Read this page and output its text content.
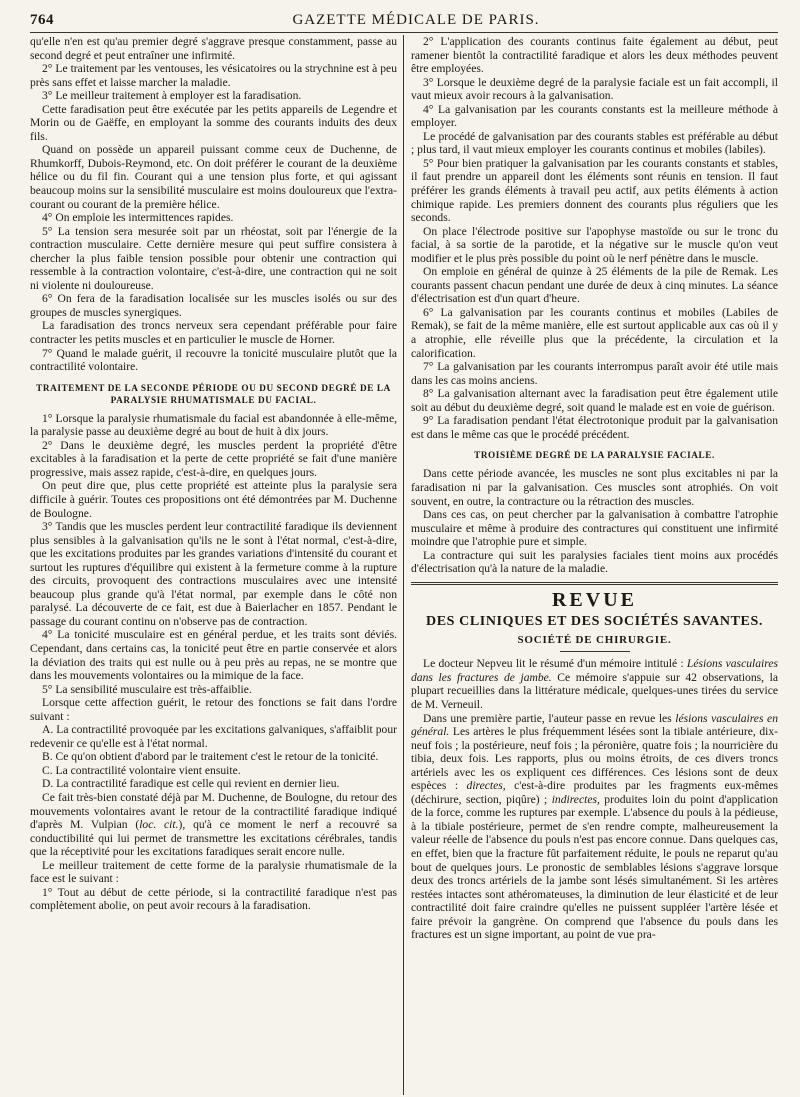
764	GAZETTE MÉDICALE DE PARIS.

qu'elle n'en est qu'au premier degré s'aggrave presque constamment, passe au second degré et peut entraîner une infirmité.

2° Le traitement par les ventouses, les vésicatoires ou la strychnine est à peu près sans effet et laisse marcher la maladie.

3° Le meilleur traitement à employer est la faradisation.

Cette faradisation peut être exécutée par les petits appareils de Legendre et Morin ou de Gaëffe, en employant la somme des courants induits des deux fils.

Quand on possède un appareil puissant comme ceux de Duchenne, de Rhumkorff, Dubois-Reymond, etc. On doit préférer le courant de la deuxième hélice ou du fil fin. Courant qui a une tension plus forte, et qui agissant beaucoup moins sur la sensibilité musculaire est moins douloureux que l'extra-courant ou courant de la première hélice.

4° On emploie les intermittences rapides.

5° La tension sera mesurée soit par un rhéostat, soit par l'énergie de la contraction musculaire. Cette dernière mesure qui peut suffire consistera à chercher la plus faible tension possible pour obtenir une contraction qui ressemble à la contraction volontaire, c'est-à-dire, une contraction qui ne soit ni violente ni douloureuse.

6° On fera de la faradisation localisée sur les muscles isolés ou sur des groupes de muscles synergiques.

La faradisation des troncs nerveux sera cependant préférable pour faire contracter les petits muscles et en particulier le muscle de Horner.

7° Quand le malade guérit, il recouvre la tonicité musculaire plutôt que la contractilité volontaire.

TRAITEMENT DE LA SECONDE PÉRIODE OU DU SECOND DEGRÉ DE LA PARALYSIE RHUMATISMALE DU FACIAL.

1° Lorsque la paralysie rhumatismale du facial est abandonnée à elle-même, la paralysie passe au deuxième degré au bout de huit à dix jours.

2° Dans le deuxième degré, les muscles perdent la propriété d'être excitables à la faradisation et la perte de cette propriété se fait d'une manière progressive, mais assez rapide, c'est-à-dire, en quelques jours.

On peut dire que, plus cette propriété est atteinte plus la paralysie sera difficile à guérir. Toutes ces propositions ont été démontrées par M. Duchenne de Boulogne.

3° Tandis que les muscles perdent leur contractilité faradique ils deviennent plus sensibles à la galvanisation qu'ils ne le sont à l'état normal, c'est-à-dire, que les excitations produites par les grandes variations d'intensité du courant et surtout les ruptures d'équilibre qui existent à la fermeture comme à la rupture des circuits, provoquent des contractions musculaires avec une intensité beaucoup plus grande qu'à l'état normal, par exemple dans le côté non paralysé. La découverte de ce fait, est due à Baierlacher en 1857. Pendant le passage du courant continu on n'observe pas de contraction.

4° La tonicité musculaire est en général perdue, et les traits sont déviés. Cependant, dans certains cas, la tonicité peut être en partie conservée et alors la déviation des traits qui est nulle ou à peu près au repas, ne se montre que dans les mouvements volontaires ou la mimique de la face.

5° La sensibilité musculaire est très-affaiblie.

Lorsque cette affection guérit, le retour des fonctions se fait dans l'ordre suivant :

A. La contractilité provoquée par les excitations galvaniques, s'affaiblit pour redevenir ce qu'elle est à l'état normal.

B. Ce qu'on obtient d'abord par le traitement c'est le retour de la tonicité.

C. La contractilité volontaire vient ensuite.

D. La contractilité faradique est celle qui revient en dernier lieu.

Ce fait très-bien constaté déjà par M. Duchenne, de Boulogne, du retour des mouvements volontaires avant le retour de la contractilité faradique indiqué d'après M. Vulpian (loc. cit.), qu'à ce moment le nerf a recouvré sa conductibilité qui lui permet de transmettre les excitations cérébrales, tandis que la réceptivité pour les excitations faradiques serait encore nulle.

Le meilleur traitement de cette forme de la paralysie rhumatismale de la face est le suivant :

1° Tout au début de cette période, si la contractilité faradique n'est pas complètement abolie, on peut avoir recours à la faradisation.

2° L'application des courants continus faite également au début, peut ramener bientôt la contractilité faradique et alors les deux méthodes peuvent être employées.

3° Lorsque le deuxième degré de la paralysie faciale est un fait accompli, il vaut mieux avoir recours à la galvanisation.

4° La galvanisation par les courants constants est la meilleure méthode à employer.

Le procédé de galvanisation par des courants stables est préférable au début ; plus tard, il vaut mieux employer les courants continus et mobiles (labiles).

5° Pour bien pratiquer la galvanisation par les courants constants et stables, il faut prendre un appareil dont les éléments sont réunis en tension. Il faut préférer les grands éléments à travail peu actif, aux petits éléments à action chimique rapide. Les premiers donnent des courants plus réguliers que les seconds.

On place l'électrode positive sur l'apophyse mastoïde ou sur le tronc du facial, à sa sortie de la parotide, et la négative sur le muscle qu'on veut modifier et le plus près possible du point où le nerf pénètre dans le muscle.

On emploie en général de quinze à 25 éléments de la pile de Remak. Les courants passent chacun pendant une durée de deux à cinq minutes. La séance d'électrisation est d'un quart d'heure.

6° La galvanisation par les courants continus et mobiles (Labiles de Remak), se fait de la même manière, elle est surtout applicable aux cas où il y a atrophie, elle réveille plus que la précédente, la circulation et la calorification.

7° La galvanisation par les courants interrompus paraît avoir été utile mais dans les cas moins anciens.

8° La galvanisation alternant avec la faradisation peut être également utile soit au début du deuxième degré, soit quand le malade est en voie de guérison.

9° La faradisation pendant l'état électrotonique produit par la galvanisation est dans le même cas que le procédé précédent.

TROISIÈME DEGRÉ DE LA PARALYSIE FACIALE.

Dans cette période avancée, les muscles ne sont plus excitables ni par la faradisation ni par la galvanisation. Ces muscles sont atrophiés. On voit souvent, en outre, la contracture ou la rétraction des muscles.

Dans ces cas, on peut chercher par la galvanisation à combattre l'atrophie musculaire et même à produire des contractures qui constituent une infirmité moindre que l'atrophie pure et simple.

La contracture qui suit les paralysies faciales tient moins aux procédés d'électrisation qu'à la nature de la maladie.

REVUE
DES CLINIQUES ET DES SOCIÉTÉS SAVANTES.
SOCIÉTÉ DE CHIRURGIE.

Le docteur Nepveu lit le résumé d'un mémoire intitulé : Lésions vasculaires dans les fractures de jambe. Ce mémoire s'appuie sur 42 observations, la plupart recueillies dans la littérature médicale, quelques-unes tirées du service de M. Verneuil.

Dans une première partie, l'auteur passe en revue les lésions vasculaires en général. Les artères le plus fréquemment lésées sont la tibiale antérieure, dix-neuf fois ; la postérieure, neuf fois ; la péronière, quatre fois ; la nourricière du tibia, deux fois. Les rapports, plus ou moins étroits, de ces divers troncs artériels avec les os expliquent ces différences. Ces lésions sont de deux espèces : directes, c'est-à-dire produites par les fragments eux-mêmes (déchirure, section, piqûre) ; indirectes, produites loin du point d'application de la force, comme les ruptures par exemple. L'absence du pouls à la pédieuse, à la tibiale postérieure, permet de s'en rendre compte, malheureusement la valeur réelle de l'absence du pouls n'est pas encore connue. Dans quelques cas, en effet, bien que la fracture fût parfaitement réduite, le pouls ne reparut qu'au bout de quelques jours. Le pronostic de semblables lésions s'aggrave lorsque deux des troncs artériels de la jambe sont lésés simultanément. Si les artères restées intactes sont athéromateuses, la diminution de leur élasticité et de leur contractilité doit faire craindre qu'elles ne puissent suppléer l'artère lésée et faire prévoir la gangrène. On comprend que l'absence du pouls dans les fractures est un signe important, au point de vue pra-
